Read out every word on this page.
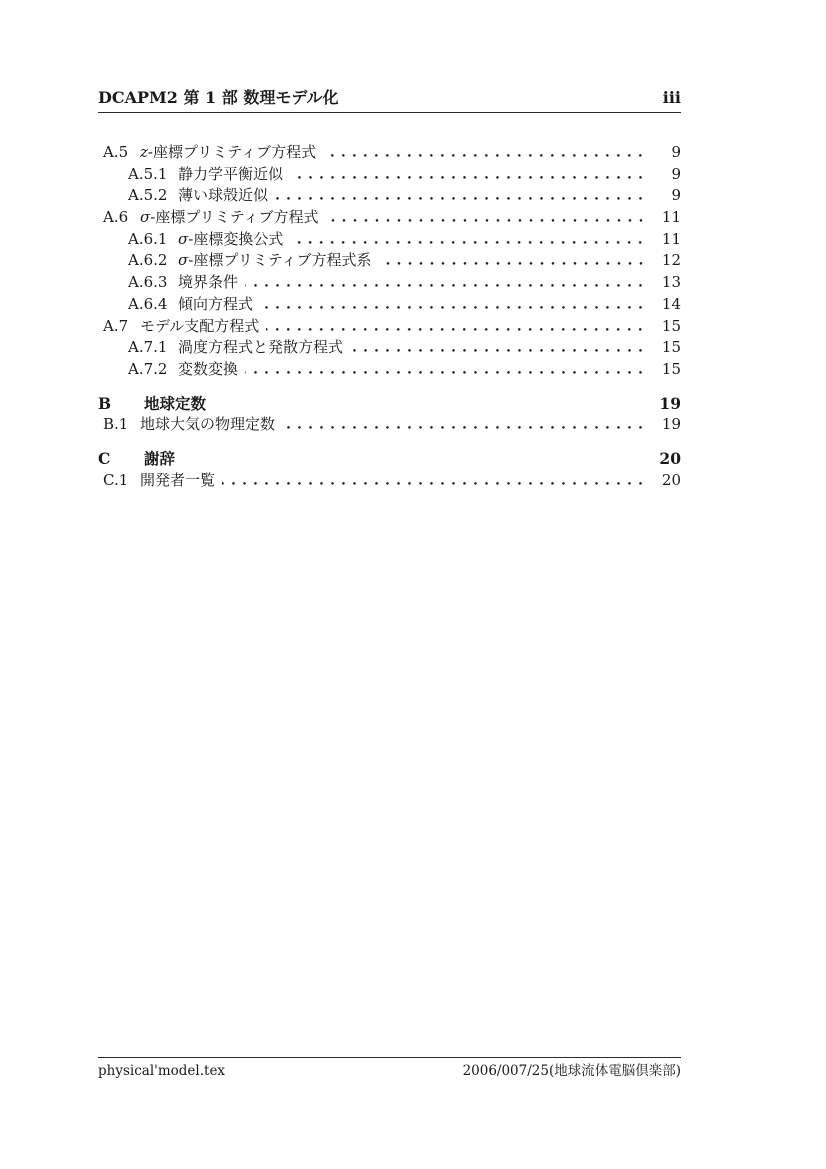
DCAPM2 第 1 部 数理モデル化	iii
A.5 z-座標プリミティブ方程式	9
A.5.1 静力学平衡近似	9
A.5.2 薄い球殻近似	9
A.6 σ-座標プリミティブ方程式	11
A.6.1 σ-座標変換公式	11
A.6.2 σ-座標プリミティブ方程式系	12
A.6.3 境界条件	13
A.6.4 傾向方程式	14
A.7 モデル支配方程式	15
A.7.1 渦度方程式と発散方程式	15
A.7.2 変数変換	15
B	地球定数	19
B.1 地球大気の物理定数	19
C	謝辞	20
C.1 開発者一覧	20
physical'model.tex	2006/007/25(地球流体電脳倶楽部)
